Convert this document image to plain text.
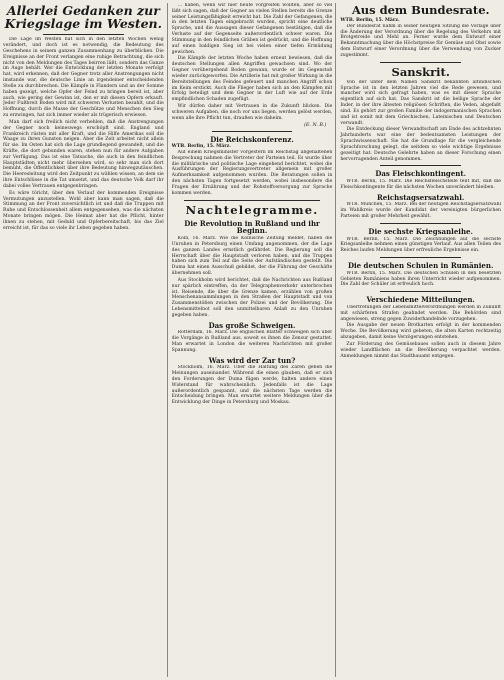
Allerlei Gedanken zur Kriegslage im Westen.

Die Lage im Westen hat sich in den letzten Wochen wenig verändert, und doch ist es notwendig, die Bedeutung des Geschehens in seinem ganzen Zusammenhang zu überblicken. Die Ereignisse an der Front verlangen eine ruhige Betrachtung, die sich nicht von den Meldungen des Tages beirren läßt, sondern das Ganze im Auge behält. Wer die Entwicklung der letzten Monate verfolgt hat, wird erkennen, daß der Gegner trotz aller Anstrengungen nicht imstande war, die deutsche Linie an irgendeiner entscheidenden Stelle zu durchbrechen. Die Kämpfe in Flandern und an der Somme haben gezeigt, welche Opfer der Feind zu bringen bereit ist, aber auch, wie gering der Gewinn ist, den er mit diesen Opfern erkauft. Jeder Fußbreit Boden wird mit schweren Verlusten bezahlt, und die Hoffnung, durch die Masse der Geschütze und Menschen den Sieg zu erzwingen, hat sich immer wieder als trügerisch erwiesen.

Man darf sich freilich nicht verhehlen, daß die Anstrengungen der Gegner noch keineswegs erschöpft sind. England und Frankreich rüsten mit aller Kraft, und die Hilfe Amerikas soll die Waage zu ihren Gunsten neigen. Aber die Zeit arbeitet nicht allein für sie. Im Osten hat sich die Lage grundlegend gewandelt, und die Kräfte, die dort gebunden waren, stehen nun für andere Aufgaben zur Verfügung. Das ist eine Tatsache, die auch in den feindlichen Hauptstädten nicht mehr übersehen wird, so sehr man sich dort bemüht, die Öffentlichkeit über ihre Bedeutung hinwegzutäuschen. Die Heeresleitung wird den Zeitpunkt zu wählen wissen, an dem sie ihre Entschlüsse in die Tat umsetzt, und das deutsche Volk darf ihr dabei volles Vertrauen entgegenbringen.

Es wäre töricht, über den Verlauf der kommenden Ereignisse Vermutungen anzustellen. Wohl aber kann man sagen, daß die Stimmung an der Front zuversichtlich ist und daß die Truppen mit Ruhe und Entschlossenheit allem entgegensehen, was die nächsten Monate bringen mögen. Die Heimat aber hat die Pflicht, hinter ihnen zu stehen, mit Geduld und Opferbereitschaft, bis das Ziel erreicht ist, für das so viele ihr Leben gegeben haben.

... haben, wenn wir hier heute vorgreifen wollten, aber so viel läßt sich sagen, daß der Gegner an vielen Stellen bereits die Grenze seiner Leistungsfähigkeit erreicht hat. Die Zahl der Gefangenen, die in den letzten Tagen eingebracht wurden, spricht eine deutliche Sprache, und die Aussagen dieser Gefangenen bestätigen, daß die Verluste auf der Gegenseite außerordentlich schwer waren. Die Stimmung in den feindlichen Gräben ist gedrückt, und die Hoffnung auf einen baldigen Sieg ist bei vielen einer tiefen Ermüdung gewichen.

Die Kämpfe der letzten Woche haben erneut bewiesen, daß die deutschen Stellungen allen Angriffen gewachsen sind. Wo der Gegner vorübergehend Boden gewann, wurde er im Gegenstoß wieder zurückgeworfen. Die Artillerie hat mit großer Wirkung in die Bereitstellungen des Feindes gefeuert und manchen Angriff schon im Keim erstickt. Auch die Flieger haben sich an den Kämpfen mit Erfolg beteiligt und dem Gegner in der Luft wie auf der Erde empfindlichen Schaden zugefügt.

Wir dürfen daher mit Vertrauen in die Zukunft blicken. Die schweren Aufgaben, die noch vor uns liegen, werden gelöst werden, wenn alle ihre Pflicht tun, draußen wie daheim.

(E. N. B.)
Die Reichskonferenz.
WTB. Berlin, 15. März.

Auf einem Kriegsminister vorgestern im Reichstag abgehaltenen Besprechung nahmen die Vertreter der Parteien teil. Es wurde über die militärische und politische Lage eingehend berichtet, wobei die Ausführungen der Regierungsvertreter allgemein mit großer Aufmerksamkeit aufgenommen wurden. Die Beratungen sollen in den nächsten Tagen fortgesetzt werden, wobei insbesondere die Fragen der Ernährung und der Rohstoffversorgung zur Sprache kommen werden.

Nachtelegramme.
Die Revolution in Rußland und ihr Beginn.

Köln, 16. März. Wie die Kölnische Zeitung meldet, haben die Unruhen in Petersburg einen Umfang angenommen, der die Lage des ganzen Landes ernstlich gefährdet. Die Regierung soll die Herrschaft über die Hauptstadt verloren haben, und die Truppen haben sich zum Teil auf die Seite der Aufständischen gestellt. Die Duma hat einen Ausschuß gebildet, der die Führung der Geschäfte übernehmen soll.

Aus Stockholm wird berichtet, daß die Nachrichten aus Rußland nur spärlich eintreffen, da der Telegraphenverkehr unterbrochen ist. Reisende, die über die Grenze kamen, erzählen von großen Menschenansammlungen in den Straßen der Hauptstadt und von Zusammenstößen zwischen der Polizei und der Bevölkerung. Die Lebensmittelnot soll den unmittelbaren Anlaß zu den Unruhen gegeben haben.

Das große Schweigen.

Rotterdam, 16. März. Die englischen Blätter schweigen sich über die Vorgänge in Rußland aus, soweit es ihnen die Zensur gestattet. Man erwartet in London die weiteren Nachrichten mit großer Spannung.

Was wird der Zar tun?

Stockholm, 16. März. Über die Haltung des Zaren gehen die Meinungen auseinander. Während die einen glauben, daß er sich den Forderungen der Duma fügen werde, halten andere einen Widerstand für wahrscheinlich. Jedenfalls ist die Lage außerordentlich gespannt, und die nächsten Tage werden die Entscheidung bringen. Man erwartet weitere Meldungen über die Entwicklung der Dinge in Petersburg und Moskau.

Aus dem Bundesrate.
WTB. Berlin, 15. März.

Der Bundesrat nahm in seiner heutigen Sitzung die Vorlage über die Änderung der Verordnung über die Regelung des Verkehrs mit Brotgetreide und Mehl an. Ferner wurde dem Entwurf einer Bekanntmachung über die Höchstpreise für Gemüse und Obst sowie dem Entwurf einer Verordnung über die Verwendung von Zucker zugestimmt.

Sanskrit.

Von der unter dem Namen Sanskrit bekannten altindischen Sprache ist in den letzten Jahren viel die Rede gewesen, und mancher wird sich gefragt haben, was es mit dieser Sprache eigentlich auf sich hat. Das Sanskrit ist die heilige Sprache der Inder, in der ihre ältesten religiösen Schriften, die Veden, abgefaßt sind. Es gehört zur großen Familie der indogermanischen Sprachen und ist somit mit dem Griechischen, Lateinischen und Deutschen verwandt.

Die Entdeckung dieser Verwandtschaft am Ende des achtzehnten Jahrhunderts war eine der bedeutsamsten Leistungen der Sprachwissenschaft. Sie hat die Grundlage für die vergleichende Sprachforschung gelegt, die seitdem so viele wichtige Ergebnisse gezeitigt hat. Deutsche Gelehrte haben an dieser Forschung einen hervorragenden Anteil genommen.

Das Fleischkontingent.

WTB. Berlin, 15. März. Die Reichsfleischstelle teilt mit, daß die Fleischkontingente für die nächsten Wochen unverändert bleiben.

Reichstagsersatzwahl.

WTB. München, 15. März. Bei der heutigen Reichstagsersatzwahl im Wahlkreis wurde der Kandidat der vereinigten bürgerlichen Parteien mit großer Mehrheit gewählt.

Die sechste Kriegsanleihe.

WTB. Berlin, 15. März. Die Zeichnungen auf die sechste Kriegsanleihe nehmen einen günstigen Verlauf. Aus allen Teilen des Reiches laufen Meldungen über erfreuliche Ergebnisse ein.

Die deutschen Schulen in Rumänien.

WTB. Berlin, 15. März. Die deutschen Schulen in den besetzten Gebieten Rumäniens haben ihren Unterricht wieder aufgenommen. Die Zahl der Schüler ist erfreulich hoch.

Verschiedene Mitteilungen.

Übertretungen der Lebensmittelverordnungen werden in Zukunft mit schärferen Strafen geahndet werden. Die Behörden sind angewiesen, streng gegen Zuwiderhandelnde vorzugehen.

Die Ausgabe der neuen Brotkarten erfolgt in der kommenden Woche. Die Bevölkerung wird gebeten, die alten Karten rechtzeitig abzugeben, damit keine Verzögerungen entstehen.

Zur Förderung des Gemüsebaues sollen auch in diesem Jahre wieder Landflächen an die Bevölkerung verpachtet werden. Anmeldungen nimmt das Stadtbauamt entgegen.
